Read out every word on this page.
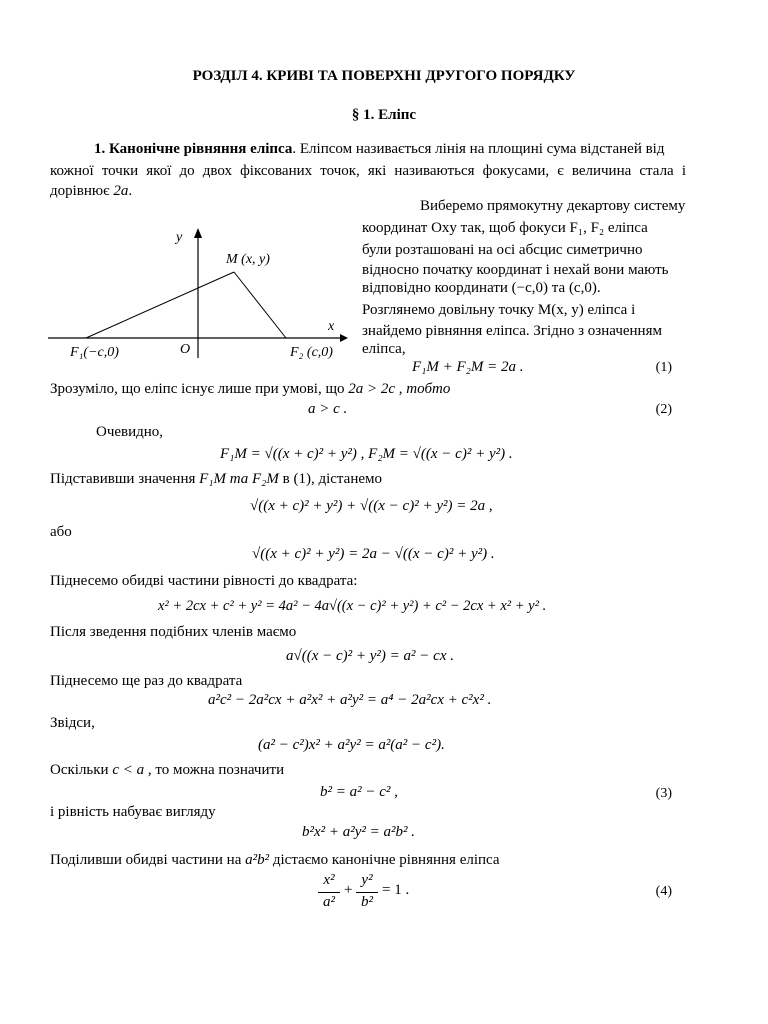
РОЗДІЛ 4. КРИВІ ТА ПОВЕРХНІ ДРУГОГО ПОРЯДКУ
§ 1. Еліпс
1. Канонічне рівняння еліпса. Еліпсом називається лінія на площині сума відстаней від
кожної точки якої до двох фіксованих точок, які називаються фокусами, є величина стала і
дорівнює 2a.
Виберемо прямокутну декартову систему
координат Oxy так, щоб фокуси F₁, F₂ еліпса
були розташовані на осі абсцис симетрично
відносно початку координат і нехай вони мають
відповідно координати (−c,0) та (c,0).
Розглянемо довільну точку M(x, y) еліпса і
знайдемо рівняння еліпса. Згідно з означенням
еліпса,
y
x
M (x, y)
O
F₁(−c,0)	F₂ (c,0)
F₁M + F₂M = 2a .	(1)
Зрозуміло, що еліпс існує лише при умові, що 2a > 2c , тобто
a > c .	(2)
Очевидно,
F₁M = √((x + c)² + y²) , F₂M = √((x − c)² + y²) .
Підставивши значення F₁M та F₂M в (1), дістанемо
√((x + c)² + y²) + √((x − c)² + y²) = 2a ,
або
√((x + c)² + y²) = 2a − √((x − c)² + y²) .
Піднесемо обидві частини рівності до квадрата:
x² + 2cx + c² + y² = 4a² − 4a√((x − c)² + y²) + c² − 2cx + x² + y² .
Після зведення подібних членів маємо
a√((x − c)² + y²) = a² − cx .
Піднесемо ще раз до квадрата
a²c² − 2a²cx + a²x² + a²y² = a⁴ − 2a²cx + c²x² .
Звідси,
(a² − c²)x² + a²y² = a²(a² − c²).
Оскільки c < a , то можна позначити
b² = a² − c² ,	(3)
і рівність набуває вигляду
b²x² + a²y² = a²b² .
Поділивши обидві частини на a²b² дістаємо канонічне рівняння еліпса
x²
a²
+
y²
b²
= 1 .	(4)
